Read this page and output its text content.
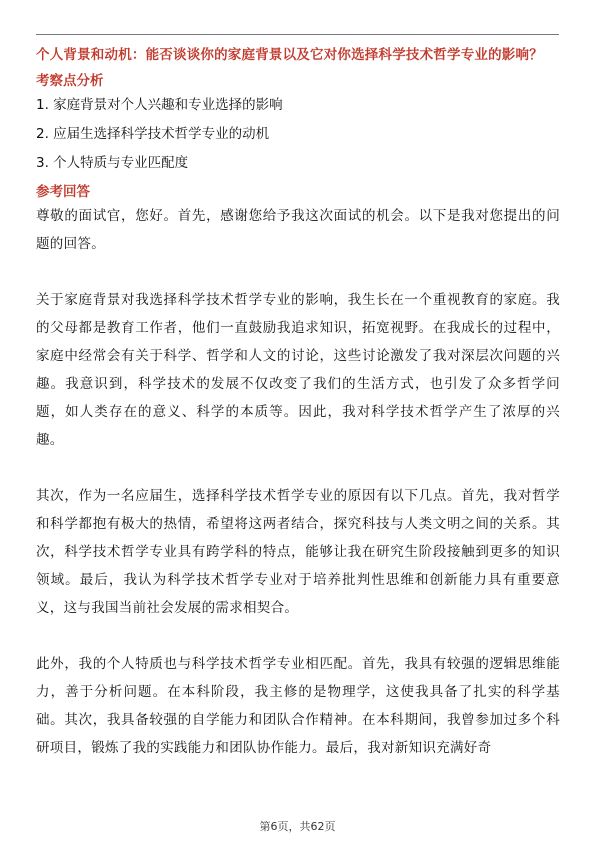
个人背景和动机：能否谈谈你的家庭背景以及它对你选择科学技术哲学专业的影响？

考察点分析

1. 家庭背景对个人兴趣和专业选择的影响
2. 应届生选择科学技术哲学专业的动机
3. 个人特质与专业匹配度

参考回答

尊敬的面试官，您好。首先，感谢您给予我这次面试的机会。以下是我对您提出的问题的回答。

关于家庭背景对我选择科学技术哲学专业的影响，我生长在一个重视教育的家庭。我的父母都是教育工作者，他们一直鼓励我追求知识，拓宽视野。在我成长的过程中，家庭中经常会有关于科学、哲学和人文的讨论，这些讨论激发了我对深层次问题的兴趣。我意识到，科学技术的发展不仅改变了我们的生活方式，也引发了众多哲学问题，如人类存在的意义、科学的本质等。因此，我对科学技术哲学产生了浓厚的兴趣。

其次，作为一名应届生，选择科学技术哲学专业的原因有以下几点。首先，我对哲学和科学都抱有极大的热情，希望将这两者结合，探究科技与人类文明之间的关系。其次，科学技术哲学专业具有跨学科的特点，能够让我在研究生阶段接触到更多的知识领域。最后，我认为科学技术哲学专业对于培养批判性思维和创新能力具有重要意义，这与我国当前社会发展的需求相契合。

此外，我的个人特质也与科学技术哲学专业相匹配。首先，我具有较强的逻辑思维能力，善于分析问题。在本科阶段，我主修的是物理学，这使我具备了扎实的科学基础。其次，我具备较强的自学能力和团队合作精神。在本科期间，我曾参加过多个科研项目，锻炼了我的实践能力和团队协作能力。最后，我对新知识充满好奇

第6页，共62页
